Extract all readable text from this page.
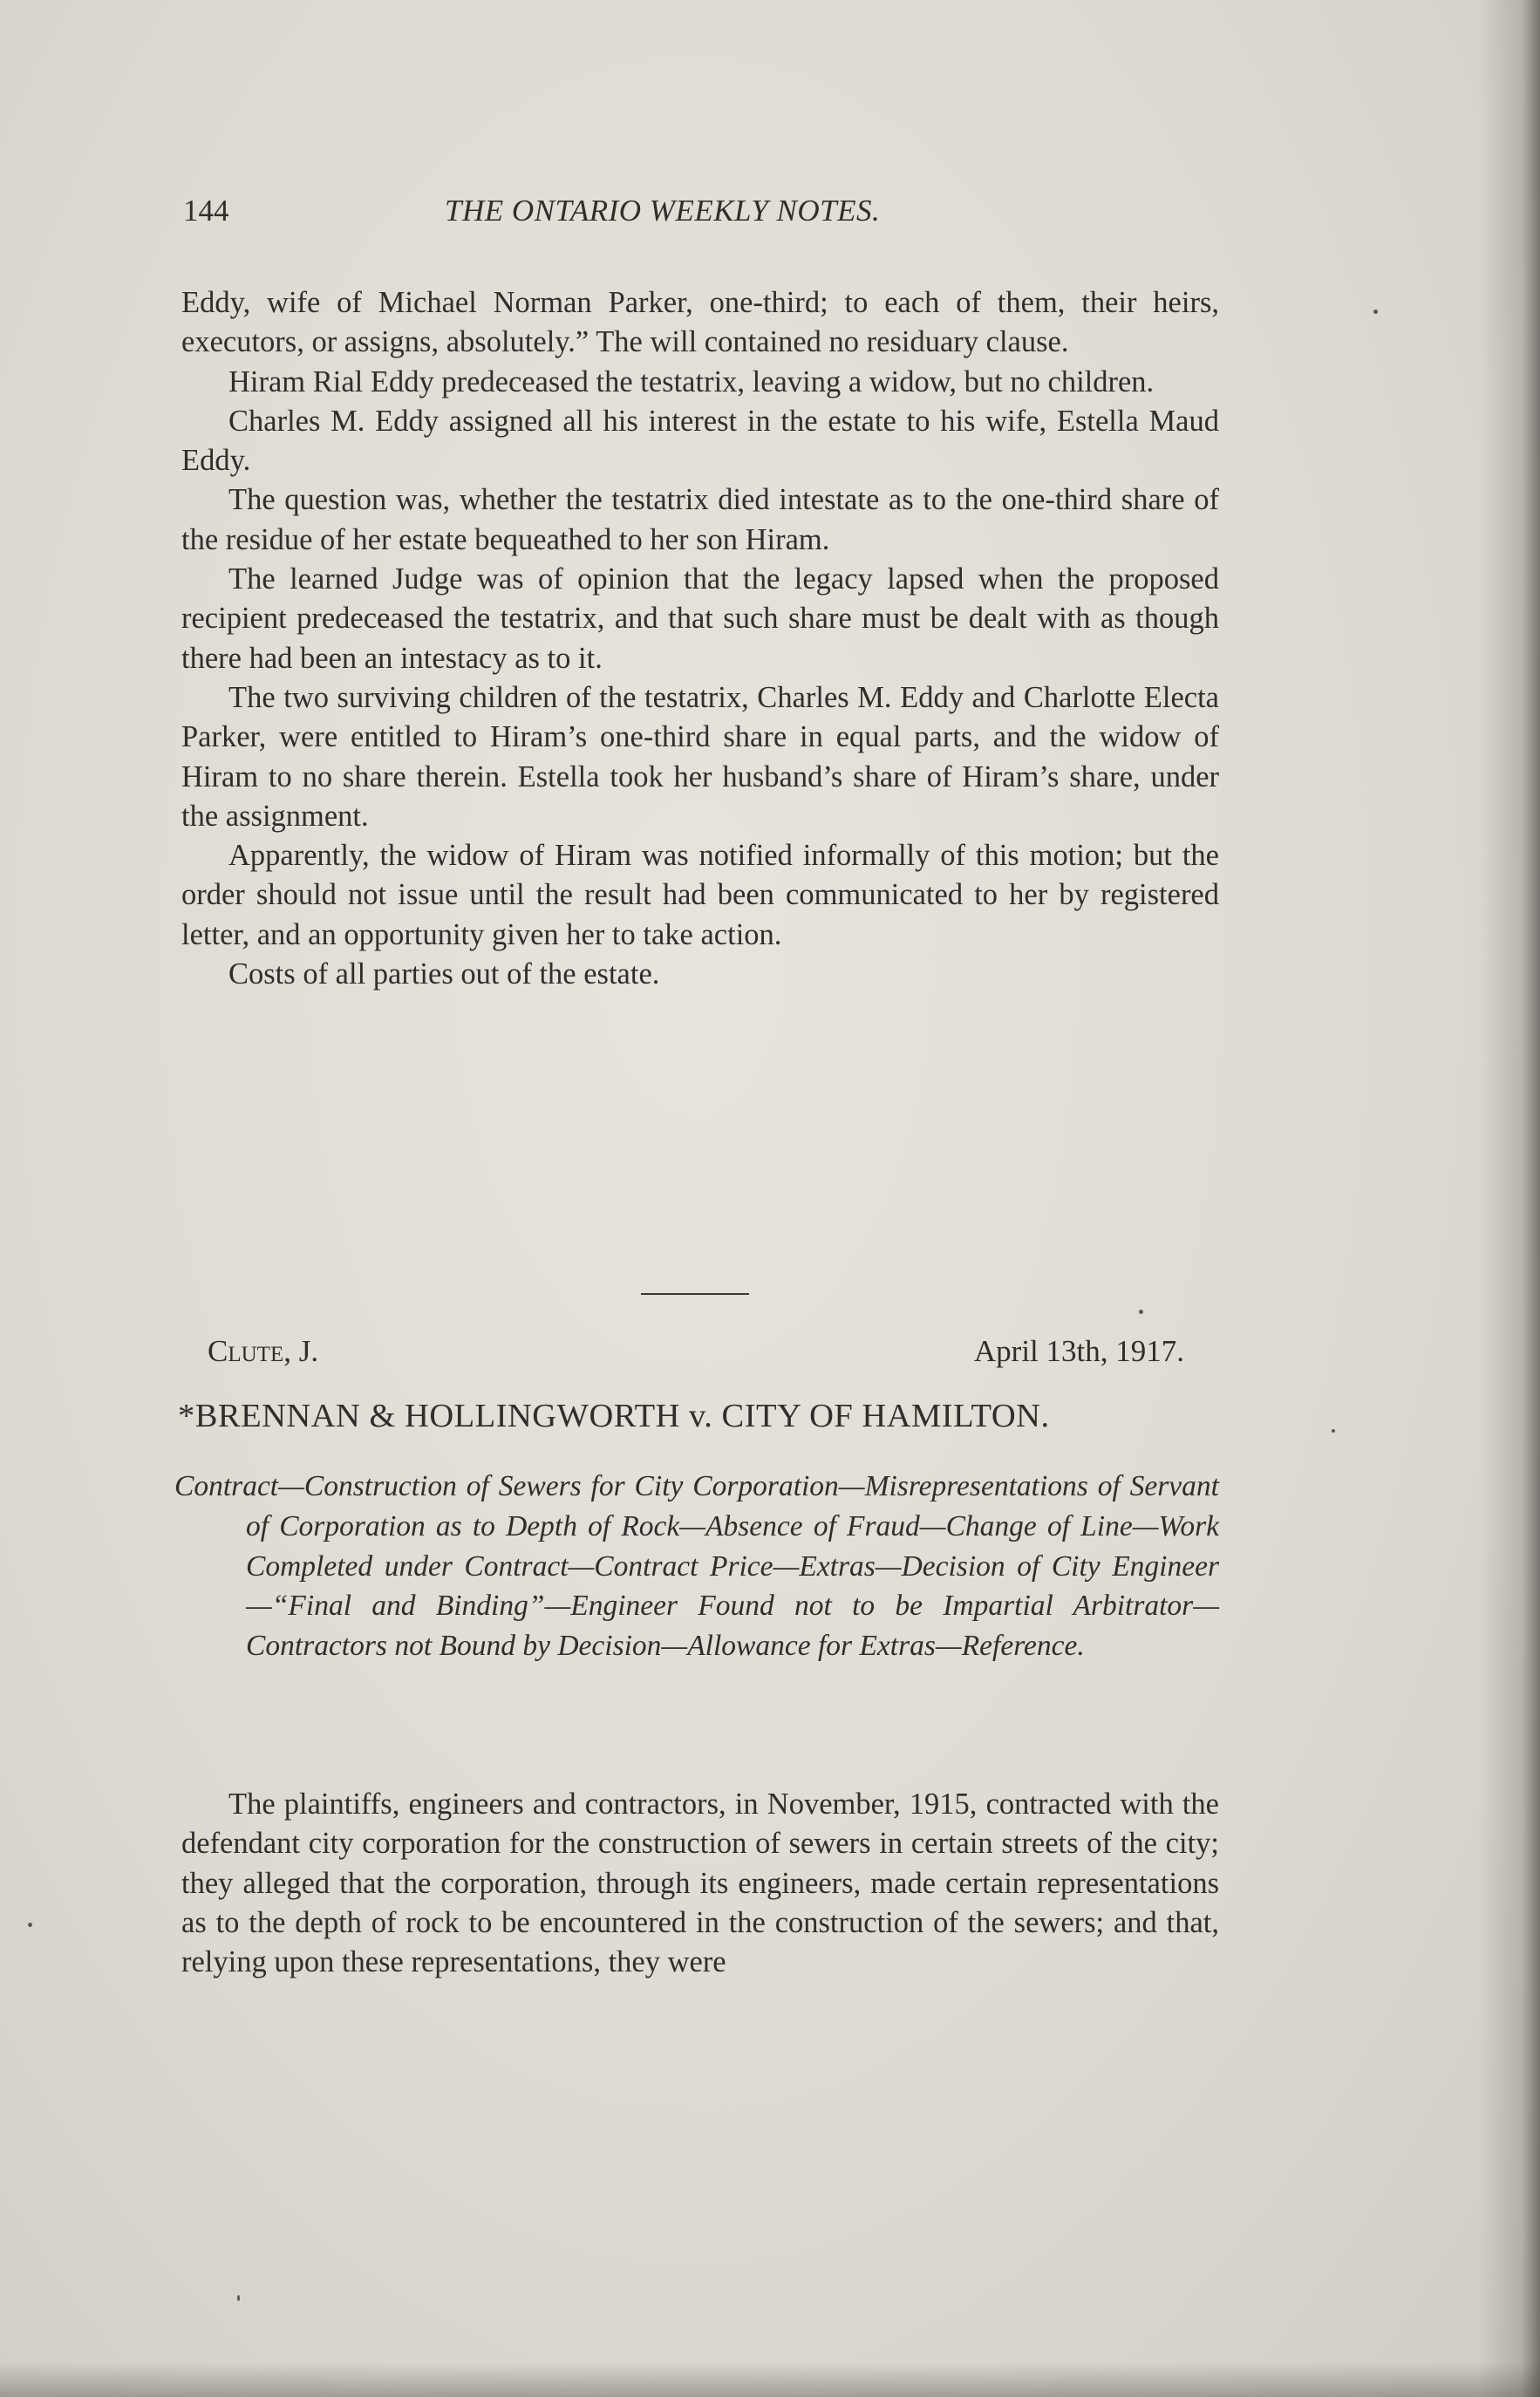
144	THE ONTARIO WEEKLY NOTES.

Eddy, wife of Michael Norman Parker, one-third; to each of them, their heirs, executors, or assigns, absolutely.” The will contained no residuary clause.

Hiram Rial Eddy predeceased the testatrix, leaving a widow, but no children.

Charles M. Eddy assigned all his interest in the estate to his wife, Estella Maud Eddy.

The question was, whether the testatrix died intestate as to the one-third share of the residue of her estate bequeathed to her son Hiram.

The learned Judge was of opinion that the legacy lapsed when the proposed recipient predeceased the testatrix, and that such share must be dealt with as though there had been an intestacy as to it.

The two surviving children of the testatrix, Charles M. Eddy and Charlotte Electa Parker, were entitled to Hiram’s one-third share in equal parts, and the widow of Hiram to no share therein. Estella took her husband’s share of Hiram’s share, under the assignment.

Apparently, the widow of Hiram was notified informally of this motion; but the order should not issue until the result had been communicated to her by registered letter, and an opportunity given her to take action.

Costs of all parties out of the estate.

Clute, J.	April 13th, 1917.
*BRENNAN & HOLLINGWORTH v. CITY OF HAMILTON.

Contract—Construction of Sewers for City Corporation—Misrepresentations of Servant of Corporation as to Depth of Rock—Absence of Fraud—Change of Line—Work Completed under Contract—Contract Price—Extras—Decision of City Engineer —“Final and Binding”—Engineer Found not to be Impartial Arbitrator—Contractors not Bound by Decision—Allowance for Extras—Reference.

The plaintiffs, engineers and contractors, in November, 1915, contracted with the defendant city corporation for the construction of sewers in certain streets of the city; they alleged that the corporation, through its engineers, made certain representations as to the depth of rock to be encountered in the construction of the sewers; and that, relying upon these representations, they were
